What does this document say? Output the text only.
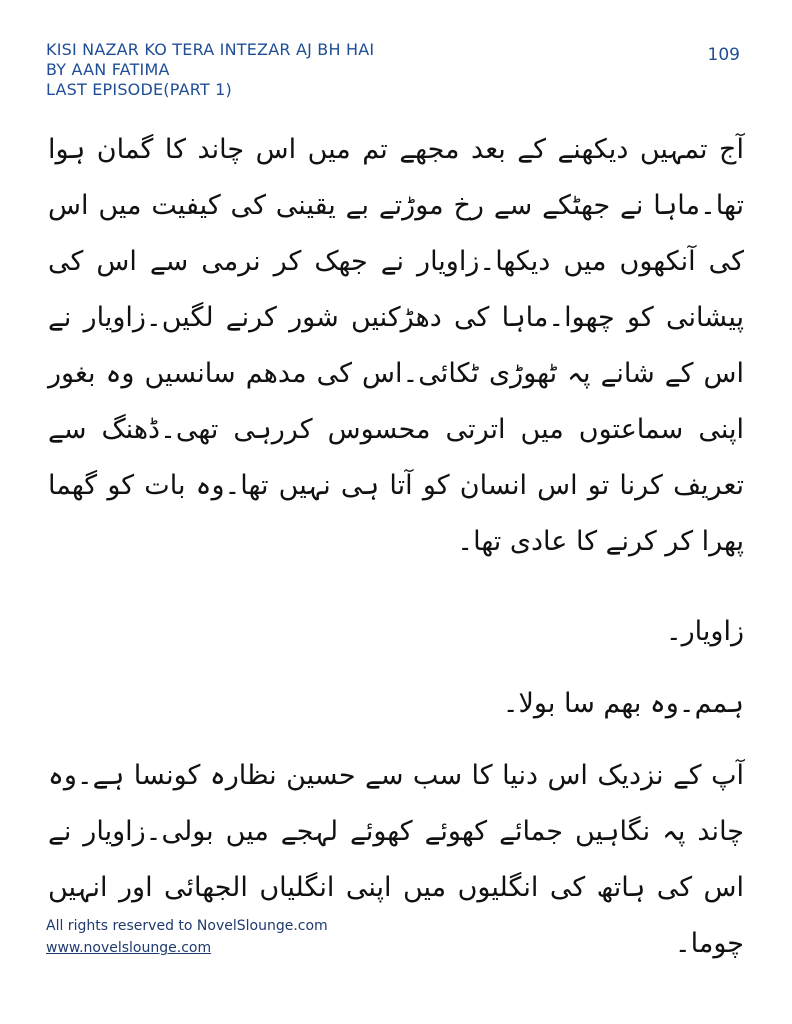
KISI NAZAR KO TERA INTEZAR AJ BH HAI
BY AAN FATIMA
LAST EPISODE(PART 1)
109

آج تمہیں دیکھنے کے بعد مجھے تم میں اس چاند کا گمان ہوا تھا۔ماہا نے جھٹکے سے رخ موڑتے بے یقینی کی کیفیت میں اس کی آنکھوں میں دیکھا۔زاویار نے جھک کر نرمی سے اس کی پیشانی کو چھوا۔ماہا کی دھڑکنیں شور کرنے لگیں۔زاویار نے اس کے شانے پہ ٹھوڑی ٹکائی۔اس کی مدھم سانسیں وہ بغور اپنی سماعتوں میں اترتی محسوس کررہی تھی۔ڈھنگ سے تعریف کرنا تو اس انسان کو آتا ہی نہیں تھا۔وہ بات کو گھما پھرا کر کرنے کا عادی تھا۔

زاویار۔

ہمم۔وہ بھم سا بولا۔

آپ کے نزدیک اس دنیا کا سب سے حسین نظارہ کونسا ہے۔وہ چاند پہ نگاہیں جمائے کھوئے کھوئے لہجے میں بولی۔زاویار نے اس کی ہاتھ کی انگلیوں میں اپنی انگلیاں الجھائی اور انہیں چوما۔

All rights reserved to NovelSlounge.com
www.novelslounge.com
